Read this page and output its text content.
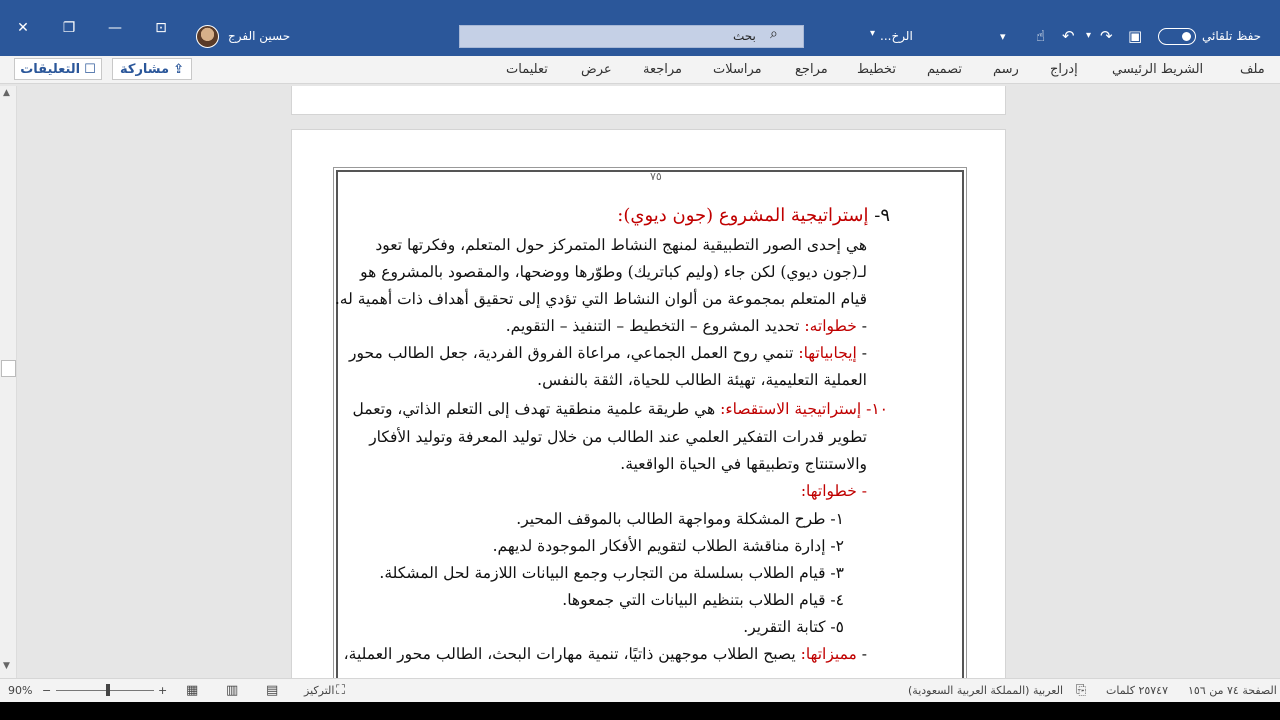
✕	❐	—	⊡	حسين الفرج	بحث ⌕	▾ الرخ...	▾ ☝ ↶ ▾ ↷ ▣	حفظ تلقائي
ملف
الشريط الرئيسي
إدراج
رسم
تصميم
تخطيط
مراجع
مراسلات
مراجعة
عرض
تعليمات
⇪
مشاركة
☐
التعليقات
▲
▼
٧٥
٩- إستراتيجية المشروع (جون ديوي):
هي إحدى الصور التطبيقية لمنهج النشاط المتمركز حول المتعلم، وفكرتها تعود
لـ(جون ديوي) لكن جاء (وليم كباتريك) وطوّرها ووضحها، والمقصود بالمشروع هو
قيام المتعلم بمجموعة من ألوان النشاط التي تؤدي إلى تحقيق أهداف ذات أهمية له.
- خطواته: تحديد المشروع – التخطيط – التنفيذ – التقويم.
- إيجابياتها: تنمي روح العمل الجماعي، مراعاة الفروق الفردية، جعل الطالب محور
العملية التعليمية، تهيئة الطالب للحياة، الثقة بالنفس.
١٠- إستراتيجية الاستقصاء: هي طريقة علمية منطقية تهدف إلى التعلم الذاتي، وتعمل
تطوير قدرات التفكير العلمي عند الطالب من خلال توليد المعرفة وتوليد الأفكار
والاستنتاج وتطبيقها في الحياة الواقعية.
- خطواتها:
١- طرح المشكلة ومواجهة الطالب بالموقف المحير.
٢- إدارة مناقشة الطلاب لتقويم الأفكار الموجودة لديهم.
٣- قيام الطلاب بسلسلة من التجارب وجمع البيانات اللازمة لحل المشكلة.
٤- قيام الطلاب بتنظيم البيانات التي جمعوها.
٥- كتابة التقرير.
- مميزاتها: يصبح الطلاب موجهين ذاتيًا، تنمية مهارات البحث، الطالب محور العملية،
الصفحة ٧٤ من ١٥٦
٢٥٧٤٧ كلمات
⎘
العربية (المملكة العربية السعودية)
التركيز ⛶
▤
▥
▦
+
−
90%
